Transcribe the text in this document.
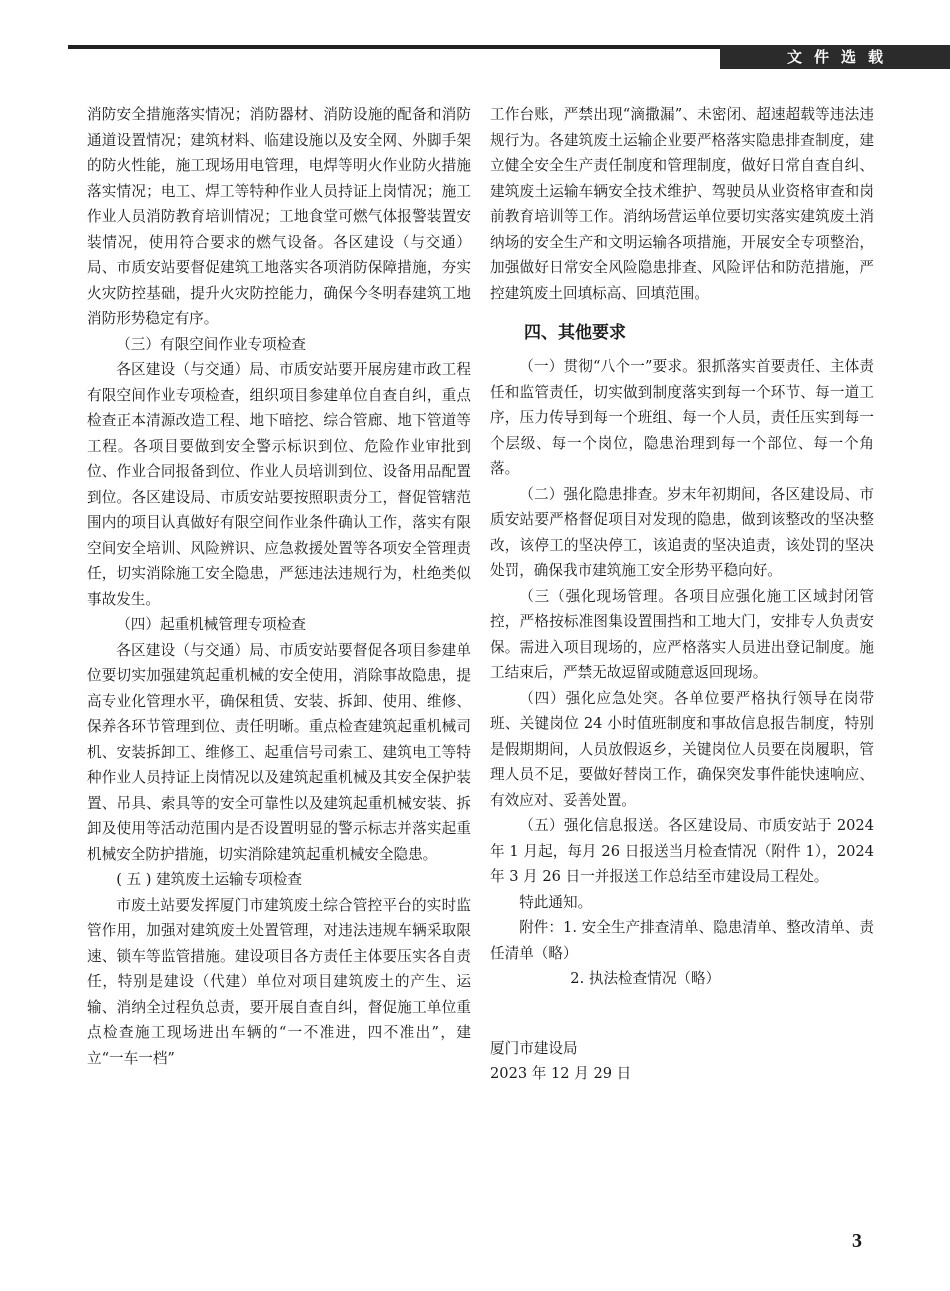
文件选载

消防安全措施落实情况；消防器材、消防设施的配备和消防通道设置情况；建筑材料、临建设施以及安全网、外脚手架的防火性能，施工现场用电管理，电焊等明火作业防火措施落实情况；电工、焊工等特种作业人员持证上岗情况；施工作业人员消防教育培训情况；工地食堂可燃气体报警装置安装情况，使用符合要求的燃气设备。各区建设（与交通）局、市质安站要督促建筑工地落实各项消防保障措施，夯实火灾防控基础，提升火灾防控能力，确保今冬明春建筑工地消防形势稳定有序。

（三）有限空间作业专项检查

各区建设（与交通）局、市质安站要开展房建市政工程有限空间作业专项检查，组织项目参建单位自查自纠，重点检查正本清源改造工程、地下暗挖、综合管廊、地下管道等工程。各项目要做到安全警示标识到位、危险作业审批到位、作业合同报备到位、作业人员培训到位、设备用品配置到位。各区建设局、市质安站要按照职责分工，督促管辖范围内的项目认真做好有限空间作业条件确认工作，落实有限空间安全培训、风险辨识、应急救援处置等各项安全管理责任，切实消除施工安全隐患，严惩违法违规行为，杜绝类似事故发生。

（四）起重机械管理专项检查

各区建设（与交通）局、市质安站要督促各项目参建单位要切实加强建筑起重机械的安全使用，消除事故隐患，提高专业化管理水平，确保租赁、安装、拆卸、使用、维修、保养各环节管理到位、责任明晰。重点检查建筑起重机械司机、安装拆卸工、维修工、起重信号司索工、建筑电工等特种作业人员持证上岗情况以及建筑起重机械及其安全保护装置、吊具、索具等的安全可靠性以及建筑起重机械安装、拆卸及使用等活动范围内是否设置明显的警示标志并落实起重机械安全防护措施，切实消除建筑起重机械安全隐患。

( 五 ) 建筑废土运输专项检查

市废土站要发挥厦门市建筑废土综合管控平台的实时监管作用，加强对建筑废土处置管理，对违法违规车辆采取限速、锁车等监管措施。建设项目各方责任主体要压实各自责任，特别是建设（代建）单位对项目建筑废土的产生、运输、消纳全过程负总责，要开展自查自纠，督促施工单位重点检查施工现场进出车辆的“一不准进，四不准出”，建立“一车一档”

工作台账，严禁出现“滴撒漏”、未密闭、超速超载等违法违规行为。各建筑废土运输企业要严格落实隐患排查制度，建立健全安全生产责任制度和管理制度，做好日常自查自纠、建筑废土运输车辆安全技术维护、驾驶员从业资格审查和岗前教育培训等工作。消纳场营运单位要切实落实建筑废土消纳场的安全生产和文明运输各项措施，开展安全专项整治，加强做好日常安全风险隐患排查、风险评估和防范措施，严控建筑废土回填标高、回填范围。

四、其他要求

（一）贯彻“八个一”要求。狠抓落实首要责任、主体责任和监管责任，切实做到制度落实到每一个环节、每一道工序，压力传导到每一个班组、每一个人员，责任压实到每一个层级、每一个岗位，隐患治理到每一个部位、每一个角落。

（二）强化隐患排查。岁末年初期间，各区建设局、市质安站要严格督促项目对发现的隐患，做到该整改的坚决整改，该停工的坚决停工，该追责的坚决追责，该处罚的坚决处罚，确保我市建筑施工安全形势平稳向好。

（三（强化现场管理。各项目应强化施工区域封闭管控，严格按标准图集设置围挡和工地大门，安排专人负责安保。需进入项目现场的，应严格落实人员进出登记制度。施工结束后，严禁无故逗留或随意返回现场。

（四）强化应急处突。各单位要严格执行领导在岗带班、关键岗位 24 小时值班制度和事故信息报告制度，特别是假期期间，人员放假返乡，关键岗位人员要在岗履职，管理人员不足，要做好替岗工作，确保突发事件能快速响应、有效应对、妥善处置。

（五）强化信息报送。各区建设局、市质安站于 2024 年 1 月起，每月 26 日报送当月检查情况（附件 1），2024 年 3 月 26 日一并报送工作总结至市建设局工程处。

特此通知。

附件：1. 安全生产排查清单、隐患清单、整改清单、责任清单（略）

2. 执法检查情况（略）

厦门市建设局

2023 年 12 月 29 日

3
